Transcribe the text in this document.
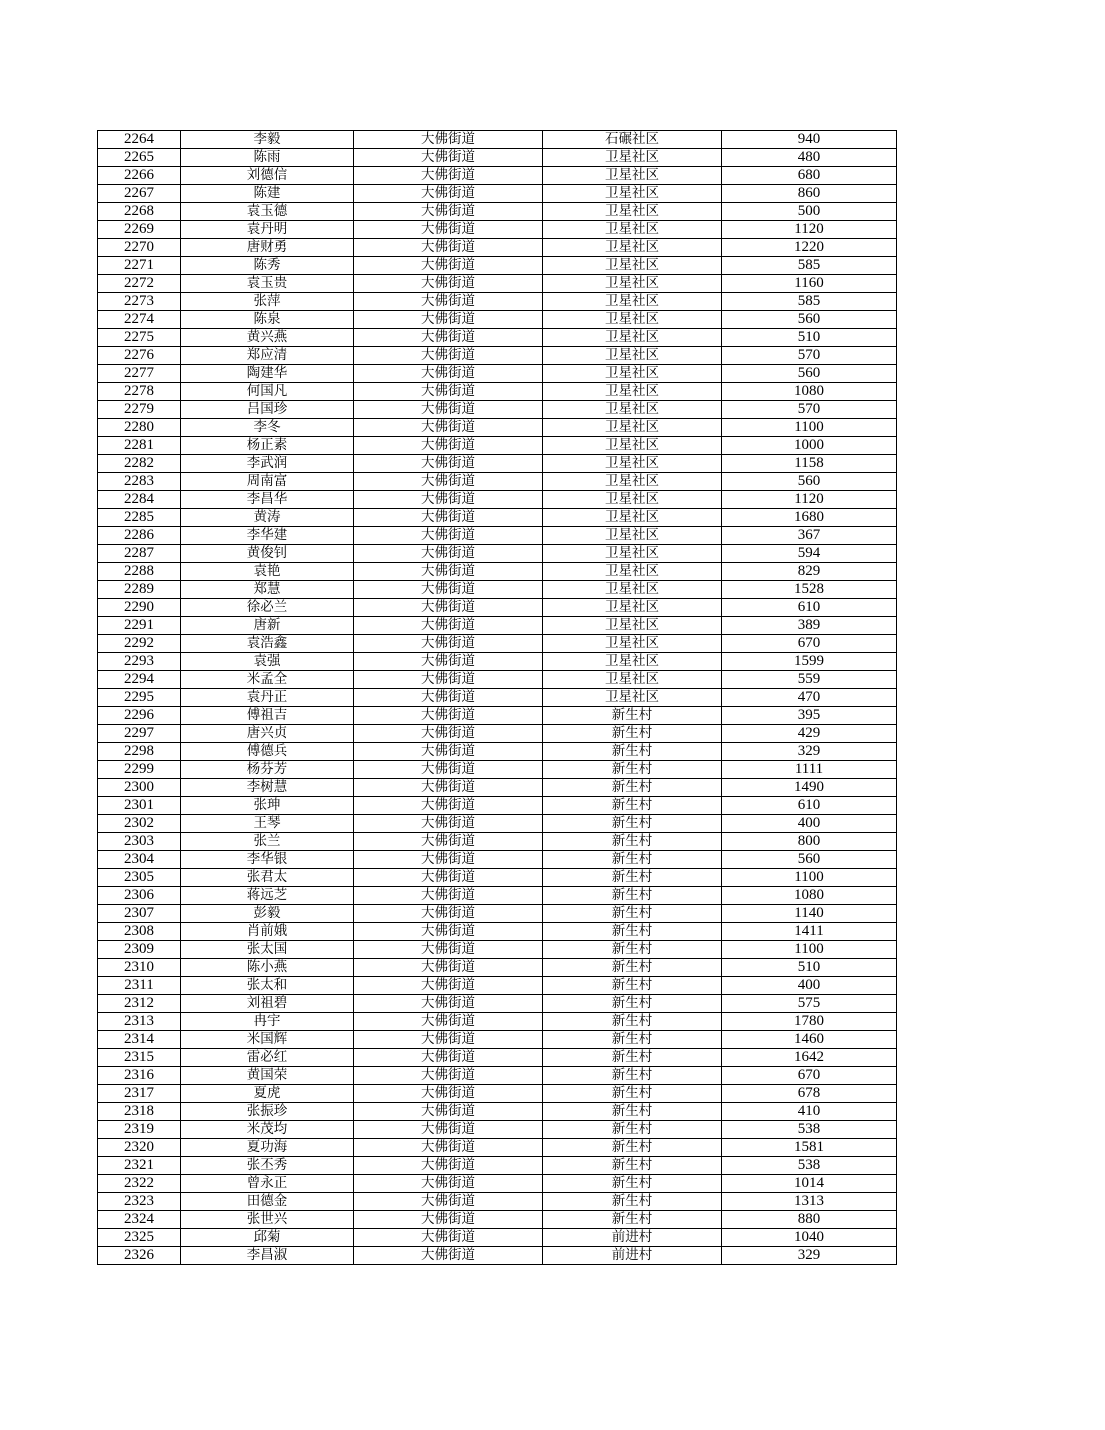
2264	李毅	大佛街道	石碾社区	940
2265	陈雨	大佛街道	卫星社区	480
2266	刘德信	大佛街道	卫星社区	680
2267	陈建	大佛街道	卫星社区	860
2268	袁玉德	大佛街道	卫星社区	500
2269	袁丹明	大佛街道	卫星社区	1120
2270	唐财勇	大佛街道	卫星社区	1220
2271	陈秀	大佛街道	卫星社区	585
2272	袁玉贵	大佛街道	卫星社区	1160
2273	张萍	大佛街道	卫星社区	585
2274	陈泉	大佛街道	卫星社区	560
2275	黄兴燕	大佛街道	卫星社区	510
2276	郑应清	大佛街道	卫星社区	570
2277	陶建华	大佛街道	卫星社区	560
2278	何国凡	大佛街道	卫星社区	1080
2279	吕国珍	大佛街道	卫星社区	570
2280	李冬	大佛街道	卫星社区	1100
2281	杨正素	大佛街道	卫星社区	1000
2282	李武润	大佛街道	卫星社区	1158
2283	周南富	大佛街道	卫星社区	560
2284	李昌华	大佛街道	卫星社区	1120
2285	黄涛	大佛街道	卫星社区	1680
2286	李华建	大佛街道	卫星社区	367
2287	黄俊钊	大佛街道	卫星社区	594
2288	袁艳	大佛街道	卫星社区	829
2289	郑慧	大佛街道	卫星社区	1528
2290	徐必兰	大佛街道	卫星社区	610
2291	唐新	大佛街道	卫星社区	389
2292	袁浩鑫	大佛街道	卫星社区	670
2293	袁强	大佛街道	卫星社区	1599
2294	米孟全	大佛街道	卫星社区	559
2295	袁丹正	大佛街道	卫星社区	470
2296	傅祖吉	大佛街道	新生村	395
2297	唐兴贞	大佛街道	新生村	429
2298	傅德兵	大佛街道	新生村	329
2299	杨芬芳	大佛街道	新生村	1111
2300	李树慧	大佛街道	新生村	1490
2301	张珅	大佛街道	新生村	610
2302	王琴	大佛街道	新生村	400
2303	张兰	大佛街道	新生村	800
2304	李华银	大佛街道	新生村	560
2305	张君太	大佛街道	新生村	1100
2306	蒋远芝	大佛街道	新生村	1080
2307	彭毅	大佛街道	新生村	1140
2308	肖前娥	大佛街道	新生村	1411
2309	张太国	大佛街道	新生村	1100
2310	陈小燕	大佛街道	新生村	510
2311	张太和	大佛街道	新生村	400
2312	刘祖碧	大佛街道	新生村	575
2313	冉宇	大佛街道	新生村	1780
2314	米国辉	大佛街道	新生村	1460
2315	雷必红	大佛街道	新生村	1642
2316	黄国荣	大佛街道	新生村	670
2317	夏虎	大佛街道	新生村	678
2318	张振珍	大佛街道	新生村	410
2319	米茂均	大佛街道	新生村	538
2320	夏功海	大佛街道	新生村	1581
2321	张丕秀	大佛街道	新生村	538
2322	曾永正	大佛街道	新生村	1014
2323	田德金	大佛街道	新生村	1313
2324	张世兴	大佛街道	新生村	880
2325	邱菊	大佛街道	前进村	1040
2326	李昌淑	大佛街道	前进村	329
